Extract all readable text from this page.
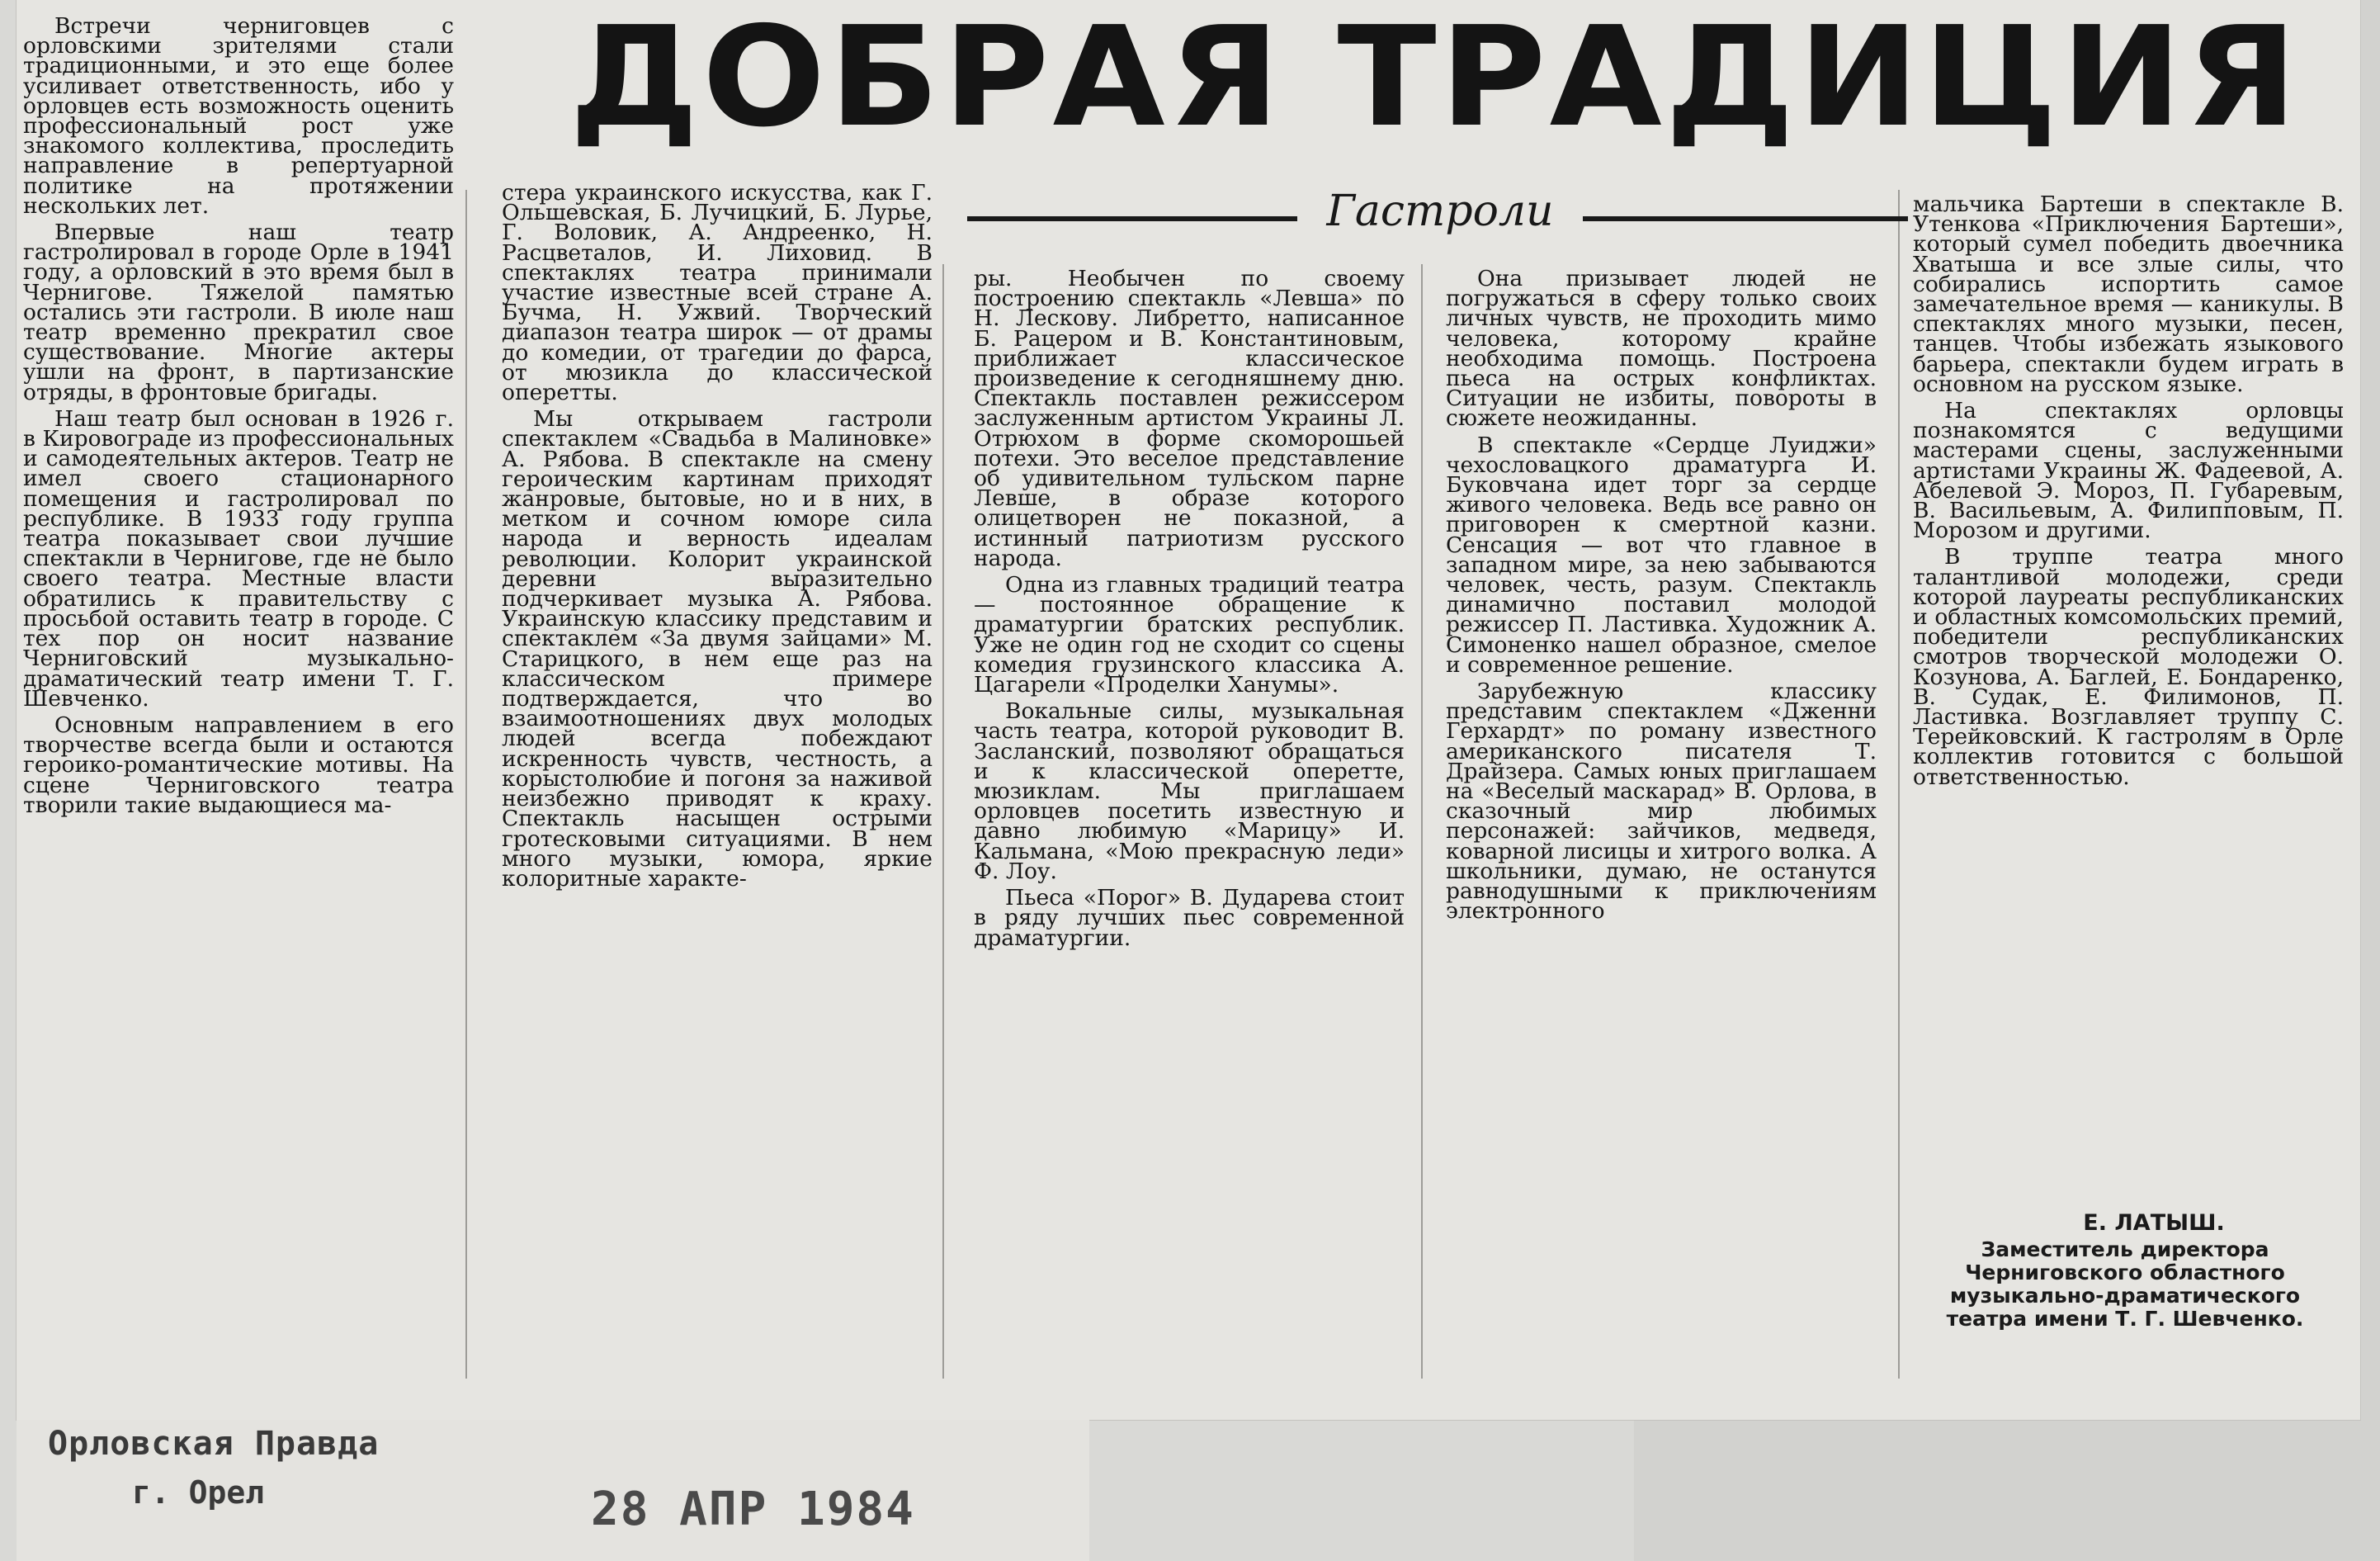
ДОБРАЯ ТРАДИЦИЯ
Гастроли

Встречи черниговцев с орловскими зрителями стали традиционными, и это еще более усиливает ответственность, ибо у орловцев есть возможность оценить профессиональный рост уже знакомого коллектива, проследить направление в репертуарной политике на протяжении нескольких лет.

Впервые наш театр гастролировал в городе Орле в 1941 году, а орловский в это время был в Чернигове. Тяжелой памятью остались эти гастроли. В июле наш театр временно прекратил свое существование. Многие актеры ушли на фронт, в партизанские отряды, в фронтовые бригады.

Наш театр был основан в 1926 г. в Кировограде из профессиональных и самодеятельных актеров. Театр не имел своего стационарного помещения и гастролировал по республике. В 1933 году группа театра показывает свои лучшие спектакли в Чернигове, где не было своего театра. Местные власти обратились к правительству с просьбой оставить театр в городе. С тех пор он носит название Черниговский музыкально-драматический театр имени Т. Г. Шевченко.

Основным направлением в его творчестве всегда были и остаются героико-романтические мотивы. На сцене Черниговского театра творили такие выдающиеся ма-

стера украинского искусства, как Г. Ольшевская, Б. Лучицкий, Б. Лурье, Г. Воловик, А. Андреенко, Н. Расцветалов, И. Лиховид. В спектаклях театра принимали участие известные всей стране А. Бучма, Н. Ужвий. Творческий диапазон театра широк — от драмы до комедии, от трагедии до фарса, от мюзикла до классической оперетты.

Мы открываем гастроли спектаклем «Свадьба в Малиновке» А. Рябова. В спектакле на смену героическим картинам приходят жанровые, бытовые, но и в них, в метком и сочном юморе сила народа и верность идеалам революции. Колорит украинской деревни выразительно подчеркивает музыка А. Рябова. Украинскую классику представим и спектаклем «За двумя зайцами» М. Старицкого, в нем еще раз на классическом примере подтверждается, что во взаимоотношениях двух молодых людей всегда побеждают искренность чувств, честность, а корыстолюбие и погоня за наживой неизбежно приводят к краху. Спектакль насыщен острыми гротесковыми ситуациями. В нем много музыки, юмора, яркие колоритные характе-

ры. Необычен по своему построению спектакль «Левша» по Н. Лескову. Либретто, написанное Б. Рацером и В. Константиновым, приближает классическое произведение к сегодняшнему дню. Спектакль поставлен режиссером заслуженным артистом Украины Л. Отрюхом в форме скоморошьей потехи. Это веселое представление об удивительном тульском парне Левше, в образе которого олицетворен не показной, а истинный патриотизм русского народа.

Одна из главных традиций театра — постоянное обращение к драматургии братских республик. Уже не один год не сходит со сцены комедия грузинского классика А. Цагарели «Проделки Ханумы».

Вокальные силы, музыкальная часть театра, которой руководит В. Засланский, позволяют обращаться и к классической оперетте, мюзиклам. Мы приглашаем орловцев посетить известную и давно любимую «Марицу» И. Кальмана, «Мою прекрасную леди» Ф. Лоу.

Пьеса «Порог» В. Дударева стоит в ряду лучших пьес современной драматургии.

Она призывает людей не погружаться в сферу только своих личных чувств, не проходить мимо человека, которому крайне необходима помощь. Построена пьеса на острых конфликтах. Ситуации не избиты, повороты в сюжете неожиданны.

В спектакле «Сердце Луиджи» чехословацкого драматурга И. Буковчана идет торг за сердце живого человека. Ведь все равно он приговорен к смертной казни. Сенсация — вот что главное в западном мире, за нею забываются человек, честь, разум. Спектакль динамично поставил молодой режиссер П. Ластивка. Художник А. Симоненко нашел образное, смелое и современное решение.

Зарубежную классику представим спектаклем «Дженни Герхардт» по роману известного американского писателя Т. Драйзера. Самых юных приглашаем на «Веселый маскарад» В. Орлова, в сказочный мир любимых персонажей: зайчиков, медведя, коварной лисицы и хитрого волка. А школьники, думаю, не останутся равнодушными к приключениям электронного

мальчика Бартеши в спектакле В. Утенкова «Приключения Бартеши», который сумел победить двоечника Хватыша и все злые силы, что собирались испортить самое замечательное время — каникулы. В спектаклях много музыки, песен, танцев. Чтобы избежать языкового барьера, спектакли будем играть в основном на русском языке.

На спектаклях орловцы познакомятся с ведущими мастерами сцены, заслуженными артистами Украины Ж. Фадеевой, А. Абелевой Э. Мороз, П. Губаревым, В. Васильевым, А. Филипповым, П. Морозом и другими.

В труппе театра много талантливой молодежи, среди которой лауреаты республиканских и областных комсомольских премий, победители республиканских смотров творческой молодежи О. Козунова, А. Баглей, Е. Бондаренко, В. Судак, Е. Филимонов, П. Ластивка. Возглавляет труппу С. Терейковский. К гастролям в Орле коллектив готовится с большой ответственностью.

Е. ЛАТЫШ.
Заместитель директора Черниговского областного музыкально-драматического театра имени Т. Г. Шевченко.
Орловская Правда
г. Орел	28 АПР 1984
